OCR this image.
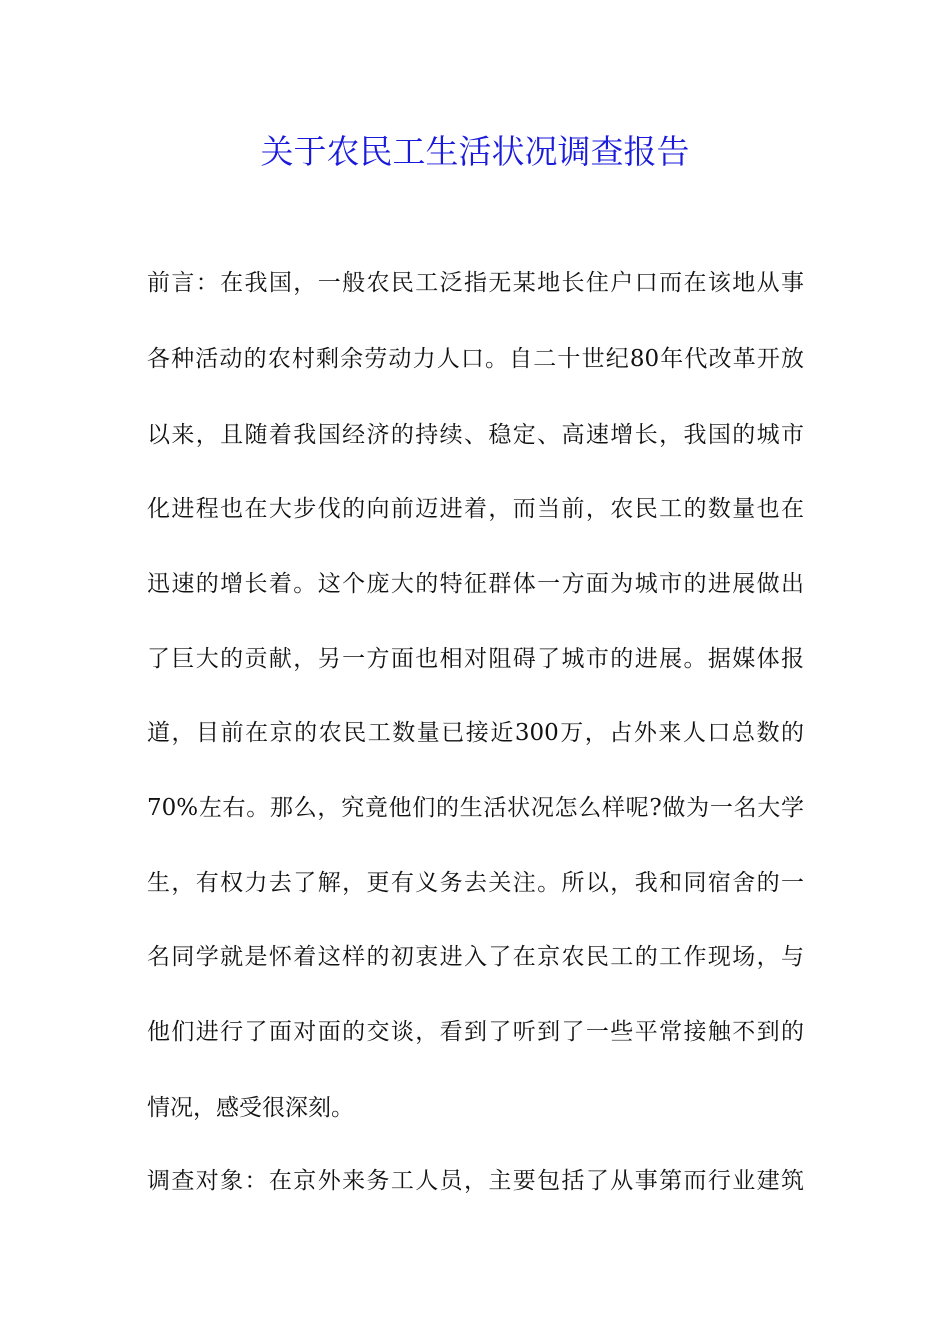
关于农民工生活状况调查报告
前言：在我国，一般农民工泛指无某地长住户口而在该地从事
各种活动的农村剩余劳动力人口。自二十世纪80年代改革开放
以来，且随着我国经济的持续、稳定、高速增长，我国的城市
化进程也在大步伐的向前迈进着，而当前，农民工的数量也在
迅速的增长着。这个庞大的特征群体一方面为城市的进展做出
了巨大的贡献，另一方面也相对阻碍了城市的进展。据媒体报
道，目前在京的农民工数量已接近300万，占外来人口总数的
70%左右。那么，究竟他们的生活状况怎么样呢?做为一名大学
生，有权力去了解，更有义务去关注。所以，我和同宿舍的一
名同学就是怀着这样的初衷进入了在京农民工的工作现场，与
他们进行了面对面的交谈，看到了听到了一些平常接触不到的
情况，感受很深刻。
调查对象：在京外来务工人员，主要包括了从事第而行业建筑
